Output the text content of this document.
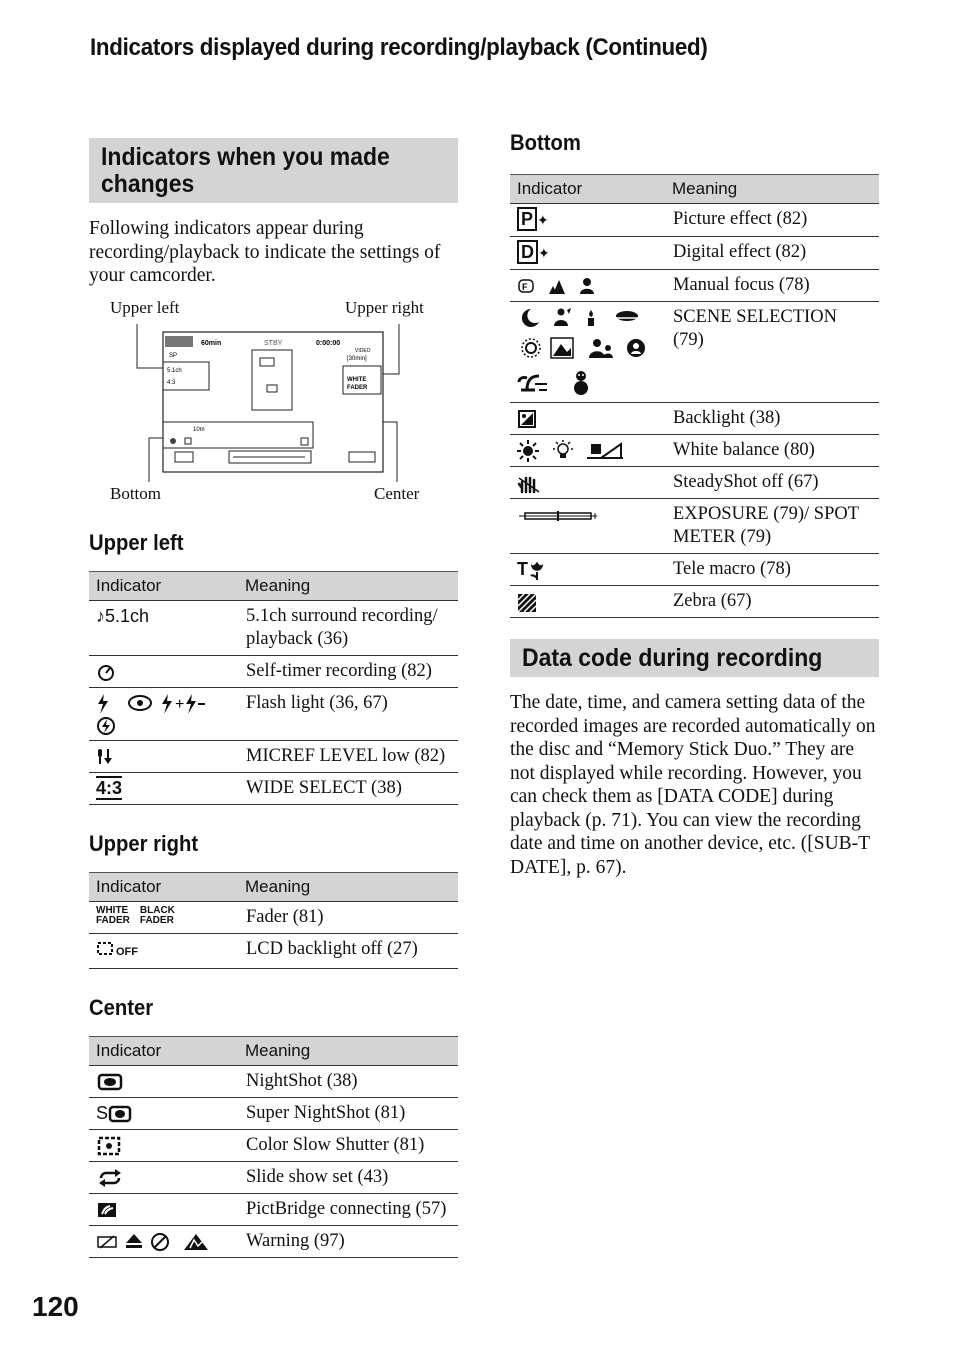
Indicators displayed during recording/playback (Continued)
Indicators when you made changes

Following indicators appear during recording/playback to indicate the settings of your camcorder.

Upper left	Upper right
Bottom	Center
60min
SP
STBY	0:00:00
VIDEO
[30min]
5.1ch
4:3	WHITE
FADER
10m
Upper left
Indicator	Meaning
♪5.1ch	5.1ch surround recording/ playback (36)
	Self-timer recording (82)

+	Flash light (36, 67)
	MICREF LEVEL low (82)
4:3	WIDE SELECT (38)
Upper right
Indicator	Meaning
WHITE
FADERBLACK
FADER	Fader (81)
OFF	LCD backlight off (27)
Center
Indicator	Meaning
	NightShot (38)
S	Super NightShot (81)
	Color Slow Shutter (81)
	Slide show set (43)
	PictBridge connecting (57)
	Warning (97)
Bottom
Indicator	Meaning
P ✦	Picture effect (82)
D ✦	Digital effect (82)

F	Manual focus (78)
	SCENE SELECTION (79)
	Backlight (38)
	White balance (80)
	SteadyShot off (67)
	EXPOSURE (79)/ SPOT METER (79)
T	Tele macro (78)
	Zebra (67)
Data code during recording

The date, time, and camera setting data of the recorded images are recorded automatically on the disc and “Memory Stick Duo.” They are not displayed while recording. However, you can check them as [DATA CODE] during playback (p. 71). You can view the recording date and time on another device, etc. ([SUB-T DATE], p. 67).

120
